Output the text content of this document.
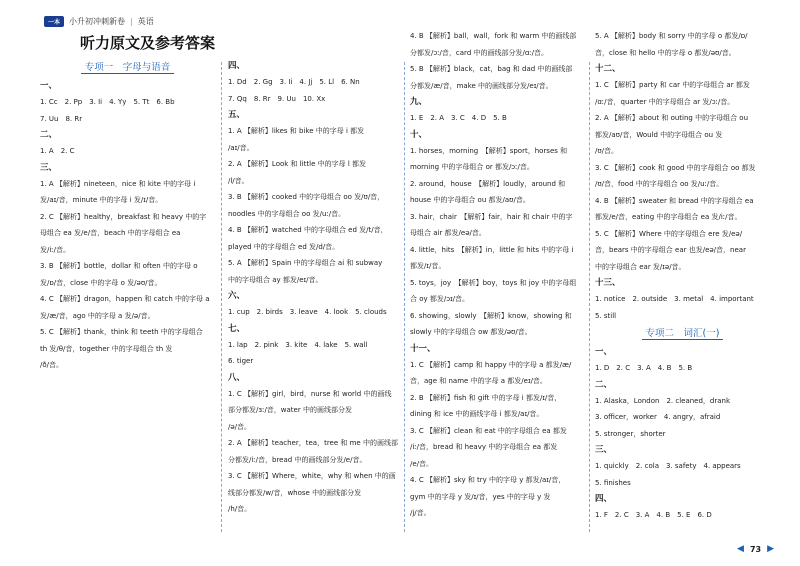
一本	小升初冲刺新卷 | 英语
听力原文及参考答案
专项一　字母与语音
一、
1. Cc　2. Pp　3. Ii　4. Yy　5. Tt　6. Bb
7. Uu　8. Rr
二、
1. A　2. C
三、
1. A 【解析】nineteen，nice 和 kite 中的字母 i
发/aɪ/音，minute 中的字母 i 发/ɪ/音。
2. C 【解析】healthy，breakfast 和 heavy 中的字
母组合 ea 发/e/音，beach 中的字母组合 ea
发/iː/音。
3. B 【解析】bottle，dollar 和 often 中的字母 o
发/ɒ/音，close 中的字母 o 发/əʊ/音。
4. C 【解析】dragon，happen 和 catch 中的字母 a
发/æ/音，ago 中的字母 a 发/ə/音。
5. C 【解析】thank，think 和 teeth 中的字母组合
th 发/θ/音，together 中的字母组合 th 发
/ð/音。
四、
1. Dd　2. Gg　3. Ii　4. Jj　5. Ll　6. Nn
7. Qq　8. Rr　9. Uu　10. Xx
五、
1. A 【解析】likes 和 bike 中的字母 i 都发
/aɪ/音。
2. A 【解析】Look 和 little 中的字母 l 都发
/l/音。
3. B 【解析】cooked 中的字母组合 oo 发/ʊ/音，
noodles 中的字母组合 oo 发/uː/音。
4. B 【解析】watched 中的字母组合 ed 发/t/音，
played 中的字母组合 ed 发/d/音。
5. A 【解析】Spain 中的字母组合 ai 和 subway
中的字母组合 ay 都发/eɪ/音。
六、
1. cup　2. birds　3. leave　4. look　5. clouds
七、
1. lap　2. pink　3. kite　4. lake　5. wall
6. tiger
八、
1. C 【解析】girl，bird，nurse 和 world 中的画线
部分都发/ɜː/音，water 中的画线部分发
/ə/音。
2. A 【解析】teacher，tea，tree 和 me 中的画线部
分都发/iː/音，bread 中的画线部分发/e/音。
3. C 【解析】Where，white，why 和 when 中的画
线部分都发/w/音，whose 中的画线部分发
/h/音。
4. B 【解析】ball，wall，fork 和 warm 中的画线部
分都发/ɔː/音，card 中的画线部分发/ɑː/音。
5. B 【解析】black，cat，bag 和 dad 中的画线部
分都发/æ/音，make 中的画线部分发/eɪ/音。
九、
1. E　2. A　3. C　4. D　5. B
十、
1. horses，morning　【解析】sport，horses 和
morning 中的字母组合 or 都发/ɔː/音。
2. around，house　【解析】loudly，around 和
house 中的字母组合 ou 都发/aʊ/音。
3. hair，chair　【解析】fair，hair 和 chair 中的字
母组合 air 都发/eə/音。
4. little，hits　【解析】in，little 和 hits 中的字母 i
都发/ɪ/音。
5. toys，joy　【解析】boy，toys 和 joy 中的字母组
合 oy 都发/ɔɪ/音。
6. showing，slowly　【解析】know，showing 和
slowly 中的字母组合 ow 都发/əʊ/音。
十一、
1. C 【解析】camp 和 happy 中的字母 a 都发/æ/
音，age 和 name 中的字母 a 都发/eɪ/音。
2. B 【解析】fish 和 gift 中的字母 i 都发/ɪ/音，
dining 和 ice 中的画线字母 i 都发/aɪ/音。
3. C 【解析】clean 和 eat 中的字母组合 ea 都发
/iː/音，bread 和 heavy 中的字母组合 ea 都发
/e/音。
4. C 【解析】sky 和 try 中的字母 y 都发/aɪ/音，
gym 中的字母 y 发/ɪ/音，yes 中的字母 y 发
/j/音。
5. A 【解析】body 和 sorry 中的字母 o 都发/ɒ/
音，close 和 hello 中的字母 o 都发/əʊ/音。
十二、
1. C 【解析】party 和 car 中的字母组合 ar 都发
/ɑː/音，quarter 中的字母组合 ar 发/ɔː/音。
2. A 【解析】about 和 outing 中的字母组合 ou
都发/aʊ/音，Would 中的字母组合 ou 发
/ʊ/音。
3. C 【解析】cook 和 good 中的字母组合 oo 都发
/ʊ/音，food 中的字母组合 oo 发/uː/音。
4. B 【解析】sweater 和 bread 中的字母组合 ea
都发/e/音，eating 中的字母组合 ea 发/iː/音。
5. C 【解析】Where 中的字母组合 ere 发/eə/
音，bears 中的字母组合 ear 也发/eə/音，near
中的字母组合 ear 发/ɪə/音。
十三、
1. notice　2. outside　3. metal　4. important
5. still
专项二　词汇(一)
一、
1. D　2. C　3. A　4. B　5. B
二、
1. Alaska，London　2. cleaned，drank
3. officer，worker　4. angry，afraid
5. stronger，shorter
三、
1. quickly　2. cola　3. safety　4. appears
5. finishes
四、
1. F　2. C　3. A　4. B　5. E　6. D
◀ 73 ▶
